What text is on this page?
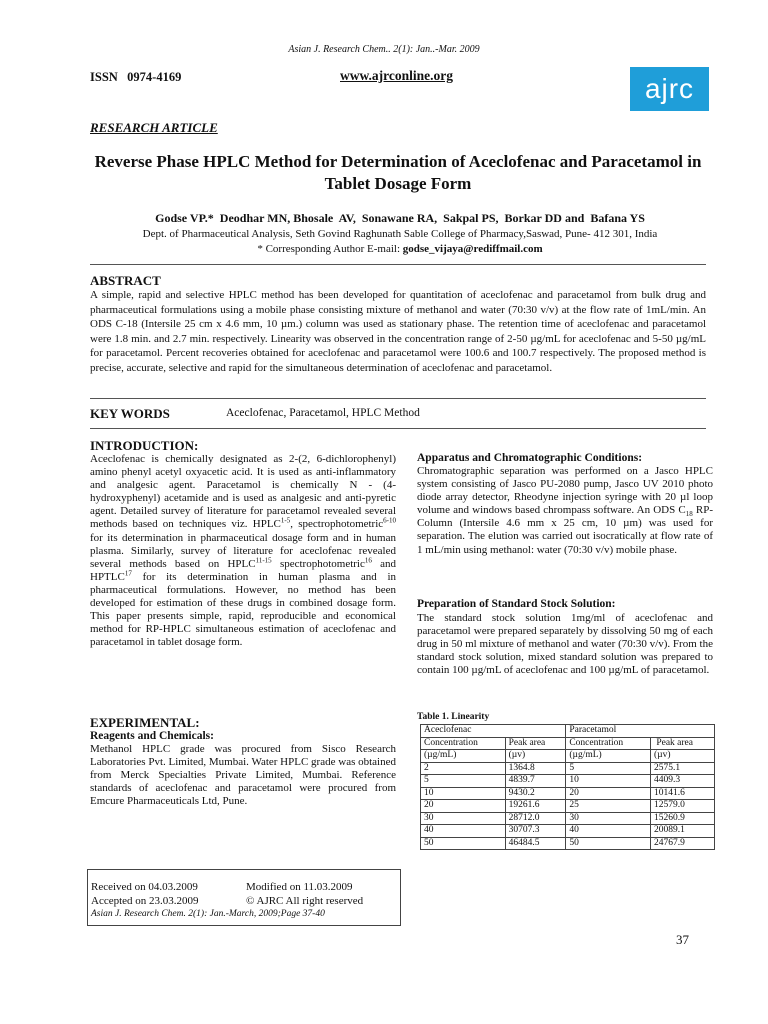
Asian J. Research Chem.. 2(1): Jan..-Mar. 2009
ISSN   0974-4169	www.ajrconline.org	ajrc
RESEARCH ARTICLE
Reverse Phase HPLC Method for Determination of Aceclofenac and Paracetamol in Tablet Dosage Form
Godse VP.*  Deodhar MN, Bhosale  AV,  Sonawane RA,  Sakpal PS,  Borkar DD and  Bafana YS
Dept. of Pharmaceutical Analysis, Seth Govind Raghunath Sable College of Pharmacy,Saswad, Pune- 412 301, India
* Corresponding Author E-mail: godse_vijaya@rediffmail.com
ABSTRACT
A simple, rapid and selective HPLC method has been developed for quantitation of aceclofenac and paracetamol from bulk drug and pharmaceutical formulations using a mobile phase consisting mixture of methanol and water (70:30 v/v) at the flow rate of 1mL/min. An ODS C-18 (Intersile 25 cm x 4.6 mm, 10 µm.) column was used as stationary phase. The retention time of aceclofenac and paracetamol were 1.8 min. and 2.7 min. respectively. Linearity was observed in the concentration range of 2-50 µg/mL for aceclofenac and 5-50 µg/mL for paracetamol. Percent recoveries obtained for aceclofenac and paracetamol were 100.6 and 100.7 respectively. The proposed method is precise, accurate, selective and rapid for the simultaneous determination of aceclofenac and paracetamol.
KEY WORDS	Aceclofenac, Paracetamol, HPLC Method
INTRODUCTION:
Aceclofenac is chemically designated as 2-(2, 6-dichlorophenyl) amino phenyl acetyl oxyacetic acid. It is used as anti-inflammatory and analgesic agent. Paracetamol is chemically N - (4-hydroxyphenyl) acetamide and is used as analgesic and anti-pyretic agent. Detailed survey of literature for paracetamol revealed several methods based on techniques viz. HPLC$^{1-5}$, spectrophotometric$^{6-10}$ for its determination in pharmaceutical dosage form and in human plasma. Similarly, survey of literature for aceclofenac revealed several methods based on HPLC$^{11-15}$ spectrophotometric$^{16}$ and HPTLC$^{17}$ for its determination in human plasma and in pharmaceutical formulations. However, no method has been developed for estimation of these drugs in combined dosage form. This paper presents simple, rapid, reproducible and economical method for RP-HPLC simultaneous estimation of aceclofenac and paracetamol in tablet dosage form.
EXPERIMENTAL:
Reagents and Chemicals:
Methanol HPLC grade was procured from Sisco Research Laboratories Pvt. Limited, Mumbai. Water HPLC grade was obtained from Merck Specialties Private Limited, Mumbai. Reference standards of aceclofenac and paracetamol were procured from Emcure Pharmaceuticals Ltd, Pune.
Apparatus and Chromatographic Conditions:
Chromatographic separation was performed on a Jasco HPLC system consisting of Jasco PU-2080 pump, Jasco UV 2010 photo diode array detector, Rheodyne injection syringe with 20 µl loop volume and windows based chrompass software. An ODS $C_{18}$ RP-Column (Intersile 4.6 mm x 25 cm, 10 µm) was used for separation. The elution was carried out isocratically at flow rate of 1 mL/min using methanol: water (70:30 v/v) mobile phase.
Preparation of Standard Stock Solution:
The standard stock solution 1mg/ml of aceclofenac and paracetamol were prepared separately by dissolving 50 mg of each drug in 50 ml mixture of methanol and water (70:30 v/v). From the standard stock solution, mixed standard solution was prepared to contain 100 µg/mL of aceclofenac and 100 µg/mL of paracetamol.
Table 1. Linearity
Aceclofenac		Paracetamol	
Concentration	Peak area	Concentration	Peak area
(µg/mL)	(µv)	(µg/mL)	(µv)
2	1364.8	5	2575.1
5	4839.7	10	4409.3
10	9430.2	20	10141.6
20	19261.6	25	12579.0
30	28712.0	30	15260.9
40	30707.3	40	20089.1
50	46484.5	50	24767.9
Received on 04.03.2009	Modified on 11.03.2009
Accepted on 23.03.2009	© AJRC All right reserved
Asian J. Research Chem. 2(1): Jan.-March, 2009;Page 37-40
37
